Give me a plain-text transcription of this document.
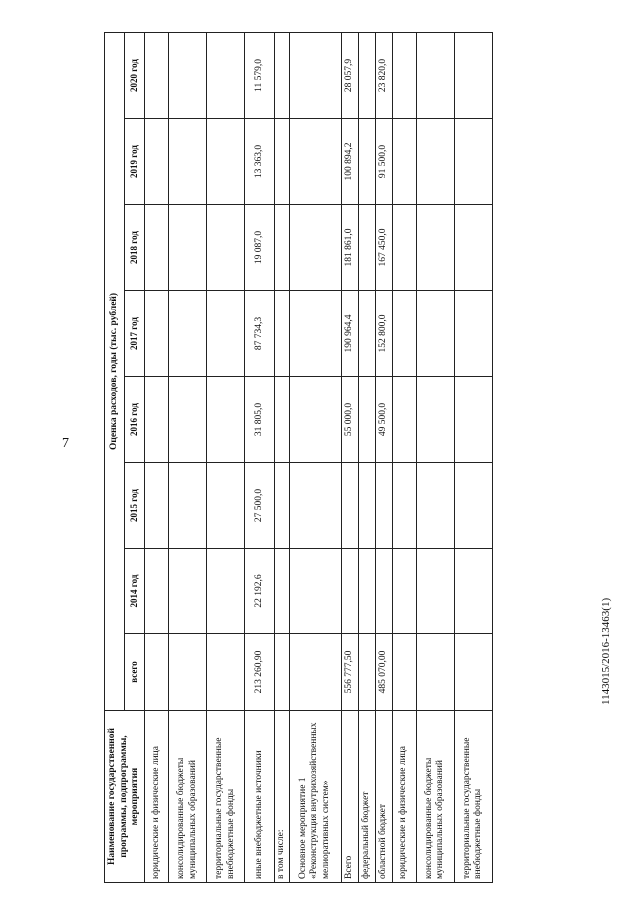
7
1143015/2016-13463(1)
Наименование государственной программы, подпрограммы, мероприятия	Оценка расходов, годы (тыс. рублей)							
	всего	2014 год	2015 год	2016 год	2017 год	2018 год	2019 год	2020 год
юридические и физические лица								
консолидированные бюджеты муниципальных образований								
территориальные государственные внебюджетные фонды								
иные внебюджетные источники	213 260,90	22 192,6	27 500,0	31 805,0	87 734,3	19 087,0	13 363,0	11 579,0
в том числе:								
Основное мероприятие 1 «Реконструкция внутрихозяйственных мелиоративных систем»								
Всего	556 777,50			55 000,0	190 964,4	181 861,0	100 894,2	28 057,9
федеральный бюджет								
областной бюджет	485 070,00			49 500,0	152 800,0	167 450,0	91 500,0	23 820,0
юридические и физические лица								
консолидированные бюджеты муниципальных образований								
территориальные государственные внебюджетные фонды								
